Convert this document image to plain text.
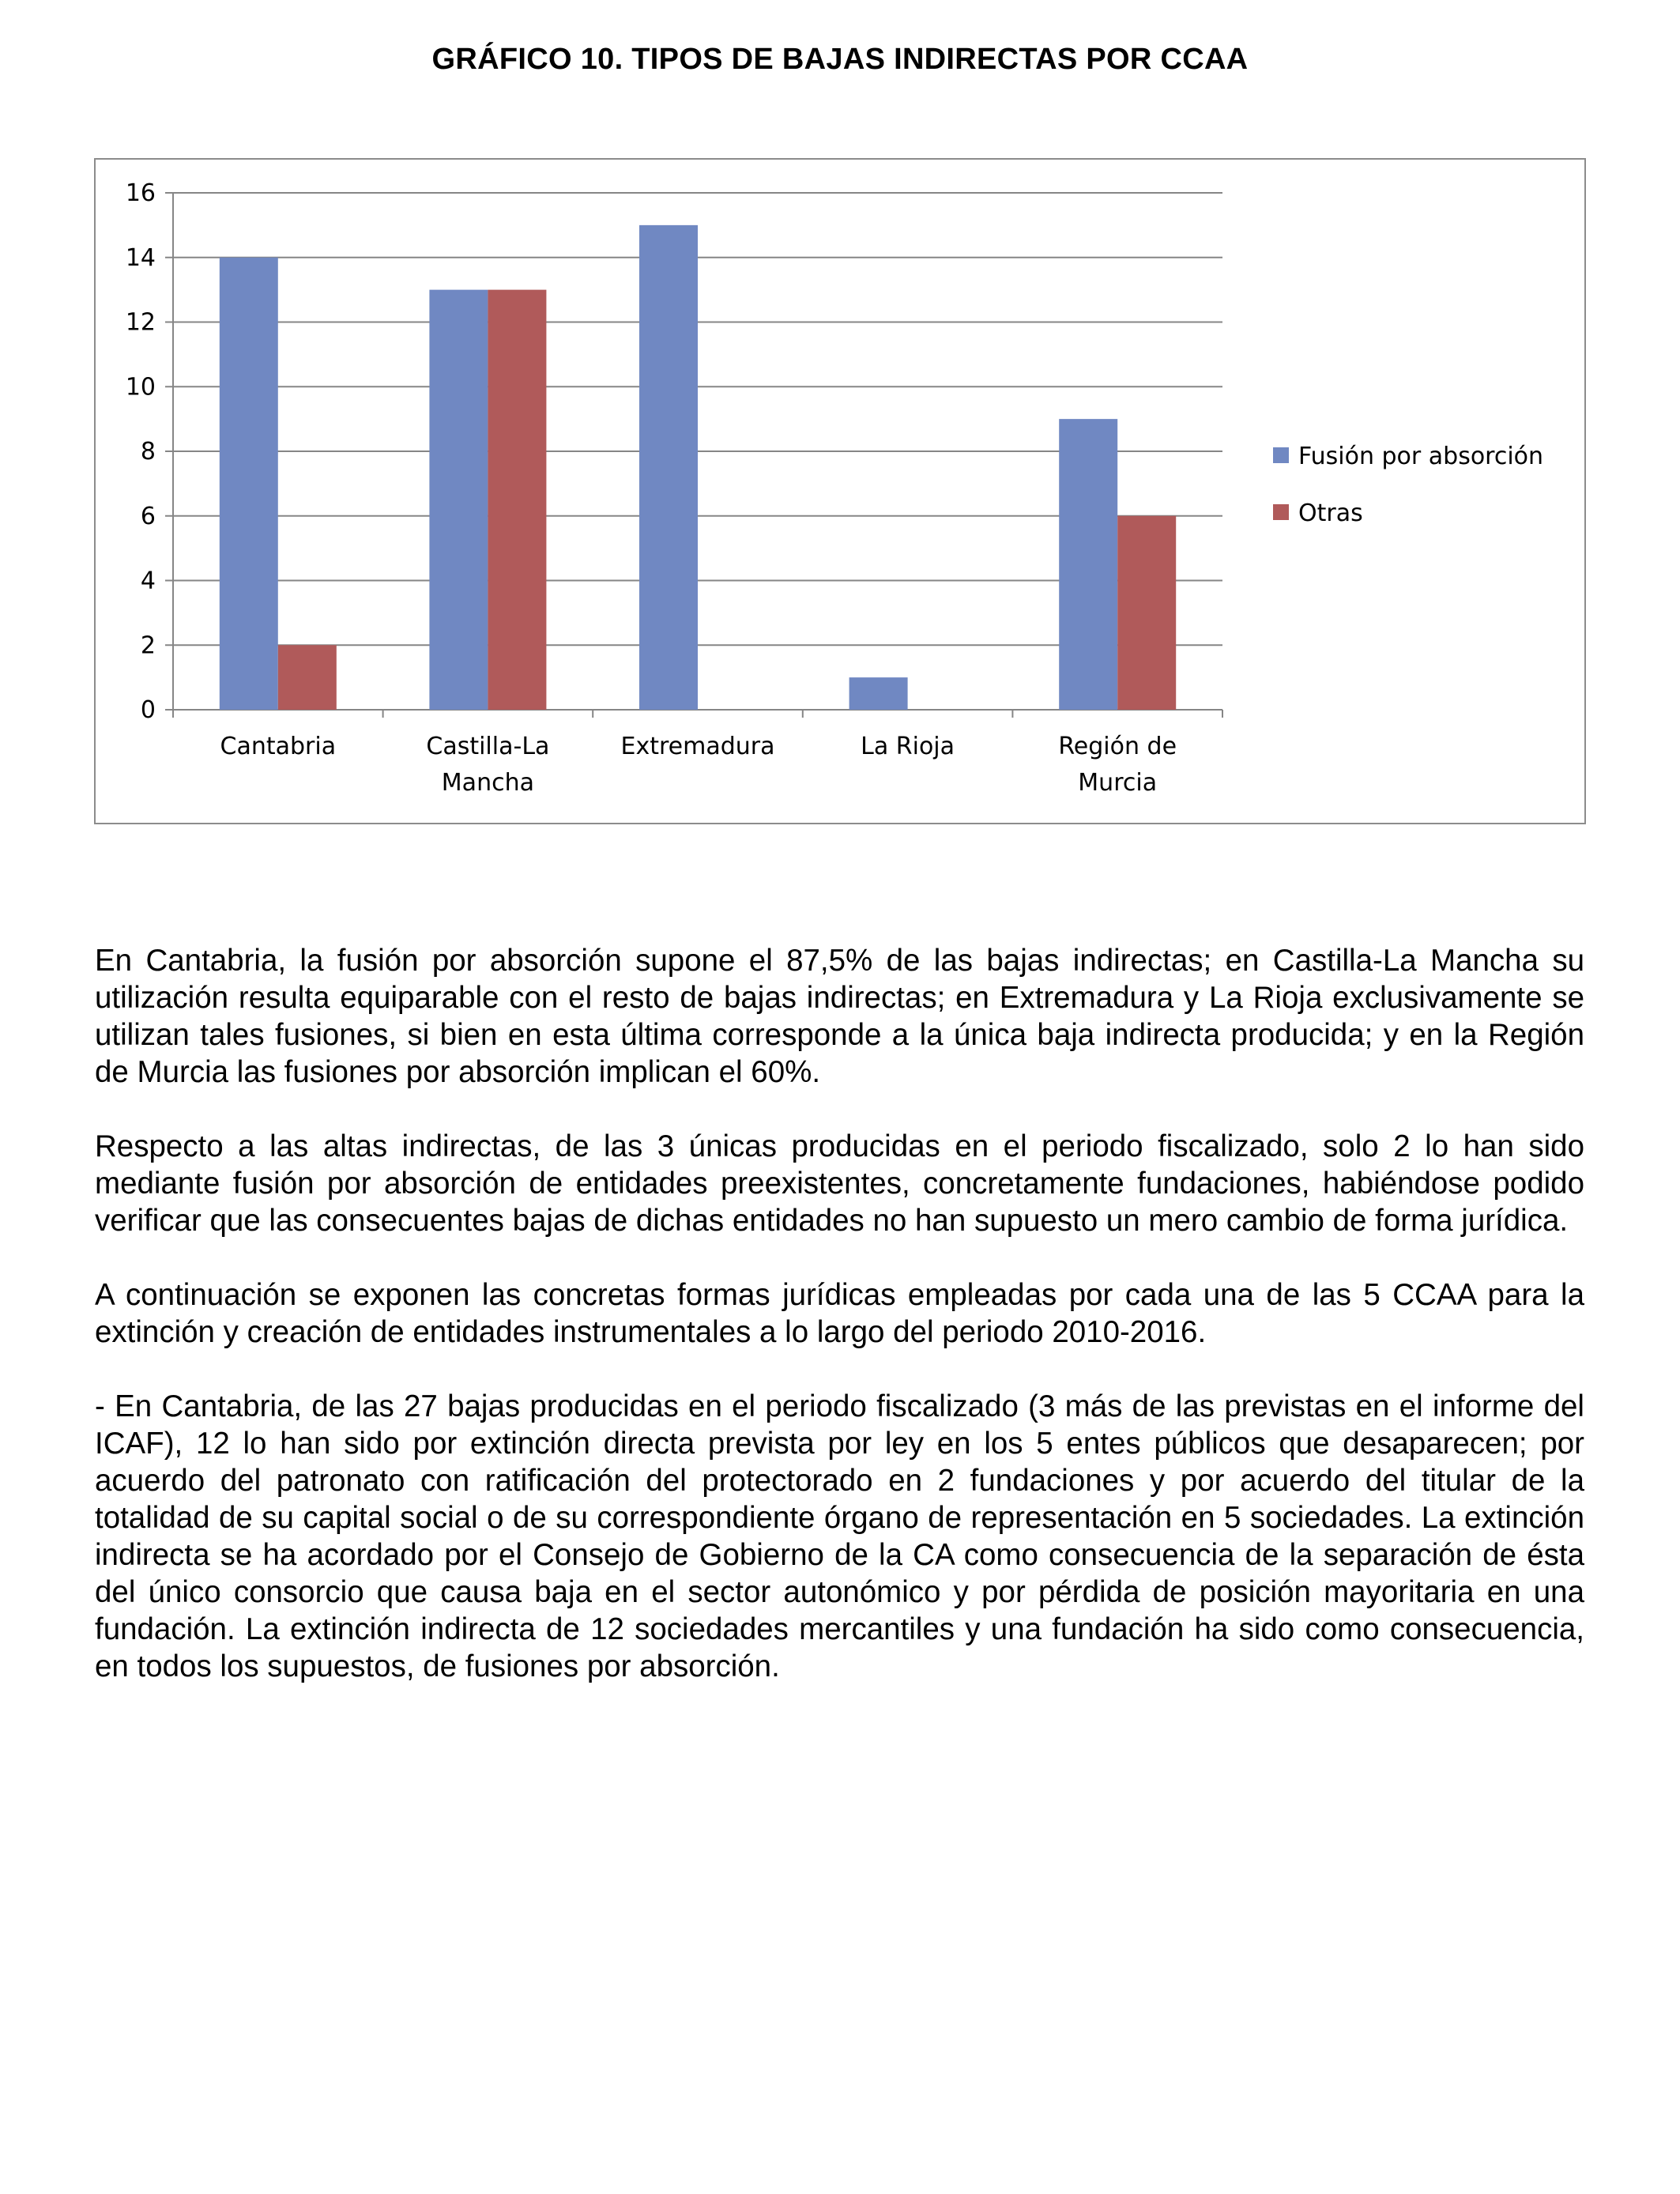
GRÁFICO 10. TIPOS DE BAJAS INDIRECTAS POR CCAA
0
2
4
6
8
10
12
14
16
Cantabria	Castilla-La
Mancha
Extremadura	La Rioja	Región de
Murcia
Fusión por absorción
Otras

En Cantabria, la fusión por absorción supone el 87,5% de las bajas indirectas; en Castilla-La Mancha su utilización resulta equiparable con el resto de bajas indirectas; en Extremadura y La Rioja exclusivamente se utilizan tales fusiones, si bien en esta última corresponde a la única baja indirecta producida; y en la Región de Murcia las fusiones por absorción implican el 60%.

Respecto a las altas indirectas, de las 3 únicas producidas en el periodo fiscalizado, solo 2 lo han sido mediante fusión por absorción de entidades preexistentes, concretamente fundaciones, habiéndose podido verificar que las consecuentes bajas de dichas entidades no han supuesto un mero cambio de forma jurídica.

A continuación se exponen las concretas formas jurídicas empleadas por cada una de las 5 CCAA para la extinción y creación de entidades instrumentales a lo largo del periodo 2010-2016.

- En Cantabria, de las 27 bajas producidas en el periodo fiscalizado (3 más de las previstas en el informe del ICAF), 12 lo han sido por extinción directa prevista por ley en los 5 entes públicos que desaparecen; por acuerdo del patronato con ratificación del protectorado en 2 fundaciones y por acuerdo del titular de la totalidad de su capital social o de su correspondiente órgano de representación en 5 sociedades. La extinción indirecta se ha acordado por el Consejo de Gobierno de la CA como consecuencia de la separación de ésta del único consorcio que causa baja en el sector autonómico y por pérdida de posición mayoritaria en una fundación. La extinción indirecta de 12 sociedades mercantiles y una fundación ha sido como consecuencia, en todos los supuestos, de fusiones por absorción.
